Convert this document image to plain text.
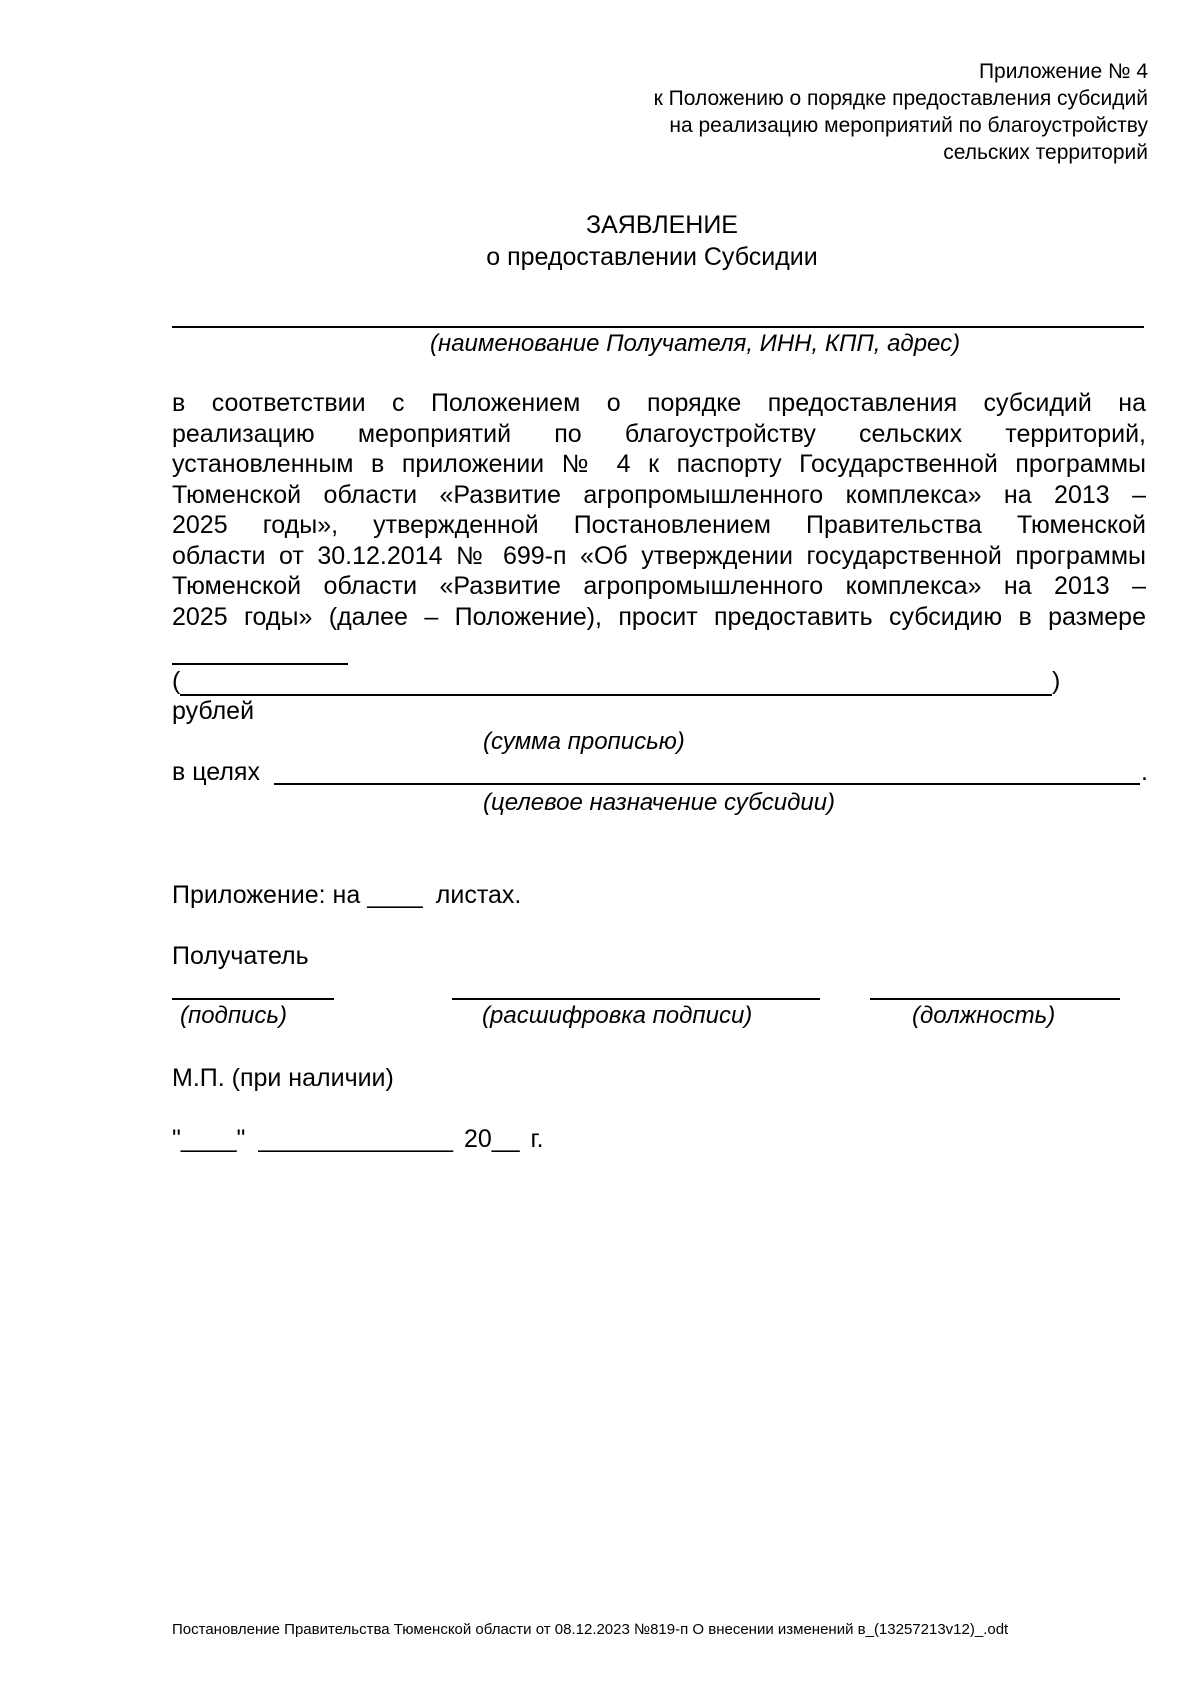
Приложение № 4
к Положению о порядке предоставления субсидий
на реализацию мероприятий по благоустройству
сельских территорий
ЗАЯВЛЕНИЕ
о предоставлении Субсидии
(наименование Получателя, ИНН, КПП, адрес)
в соответствии с Положением о порядке предоставления субсидий на
реализацию мероприятий по благоустройству сельских территорий,
установленным в приложении № 4 к паспорту Государственной программы
Тюменской области «Развитие агропромышленного комплекса» на 2013 –
2025 годы», утвержденной Постановлением Правительства Тюменской
области от 30.12.2014 № 699-п «Об утверждении государственной программы
Тюменской области «Развитие агропромышленного комплекса» на 2013 –
2025 годы» (далее – Положение), просит предоставить субсидию в размере
(	)
рублей
(сумма прописью)
в целях	.
(целевое назначение субсидии)
Приложение: на ____ листах.
Получатель
(подпись)	(расшифровка подписи)	(должность)
М.П. (при наличии)
"____" ______________ 20__ г.
Постановление Правительства Тюменской области от 08.12.2023 №819-п О внесении изменений в_(13257213v12)_.odt
